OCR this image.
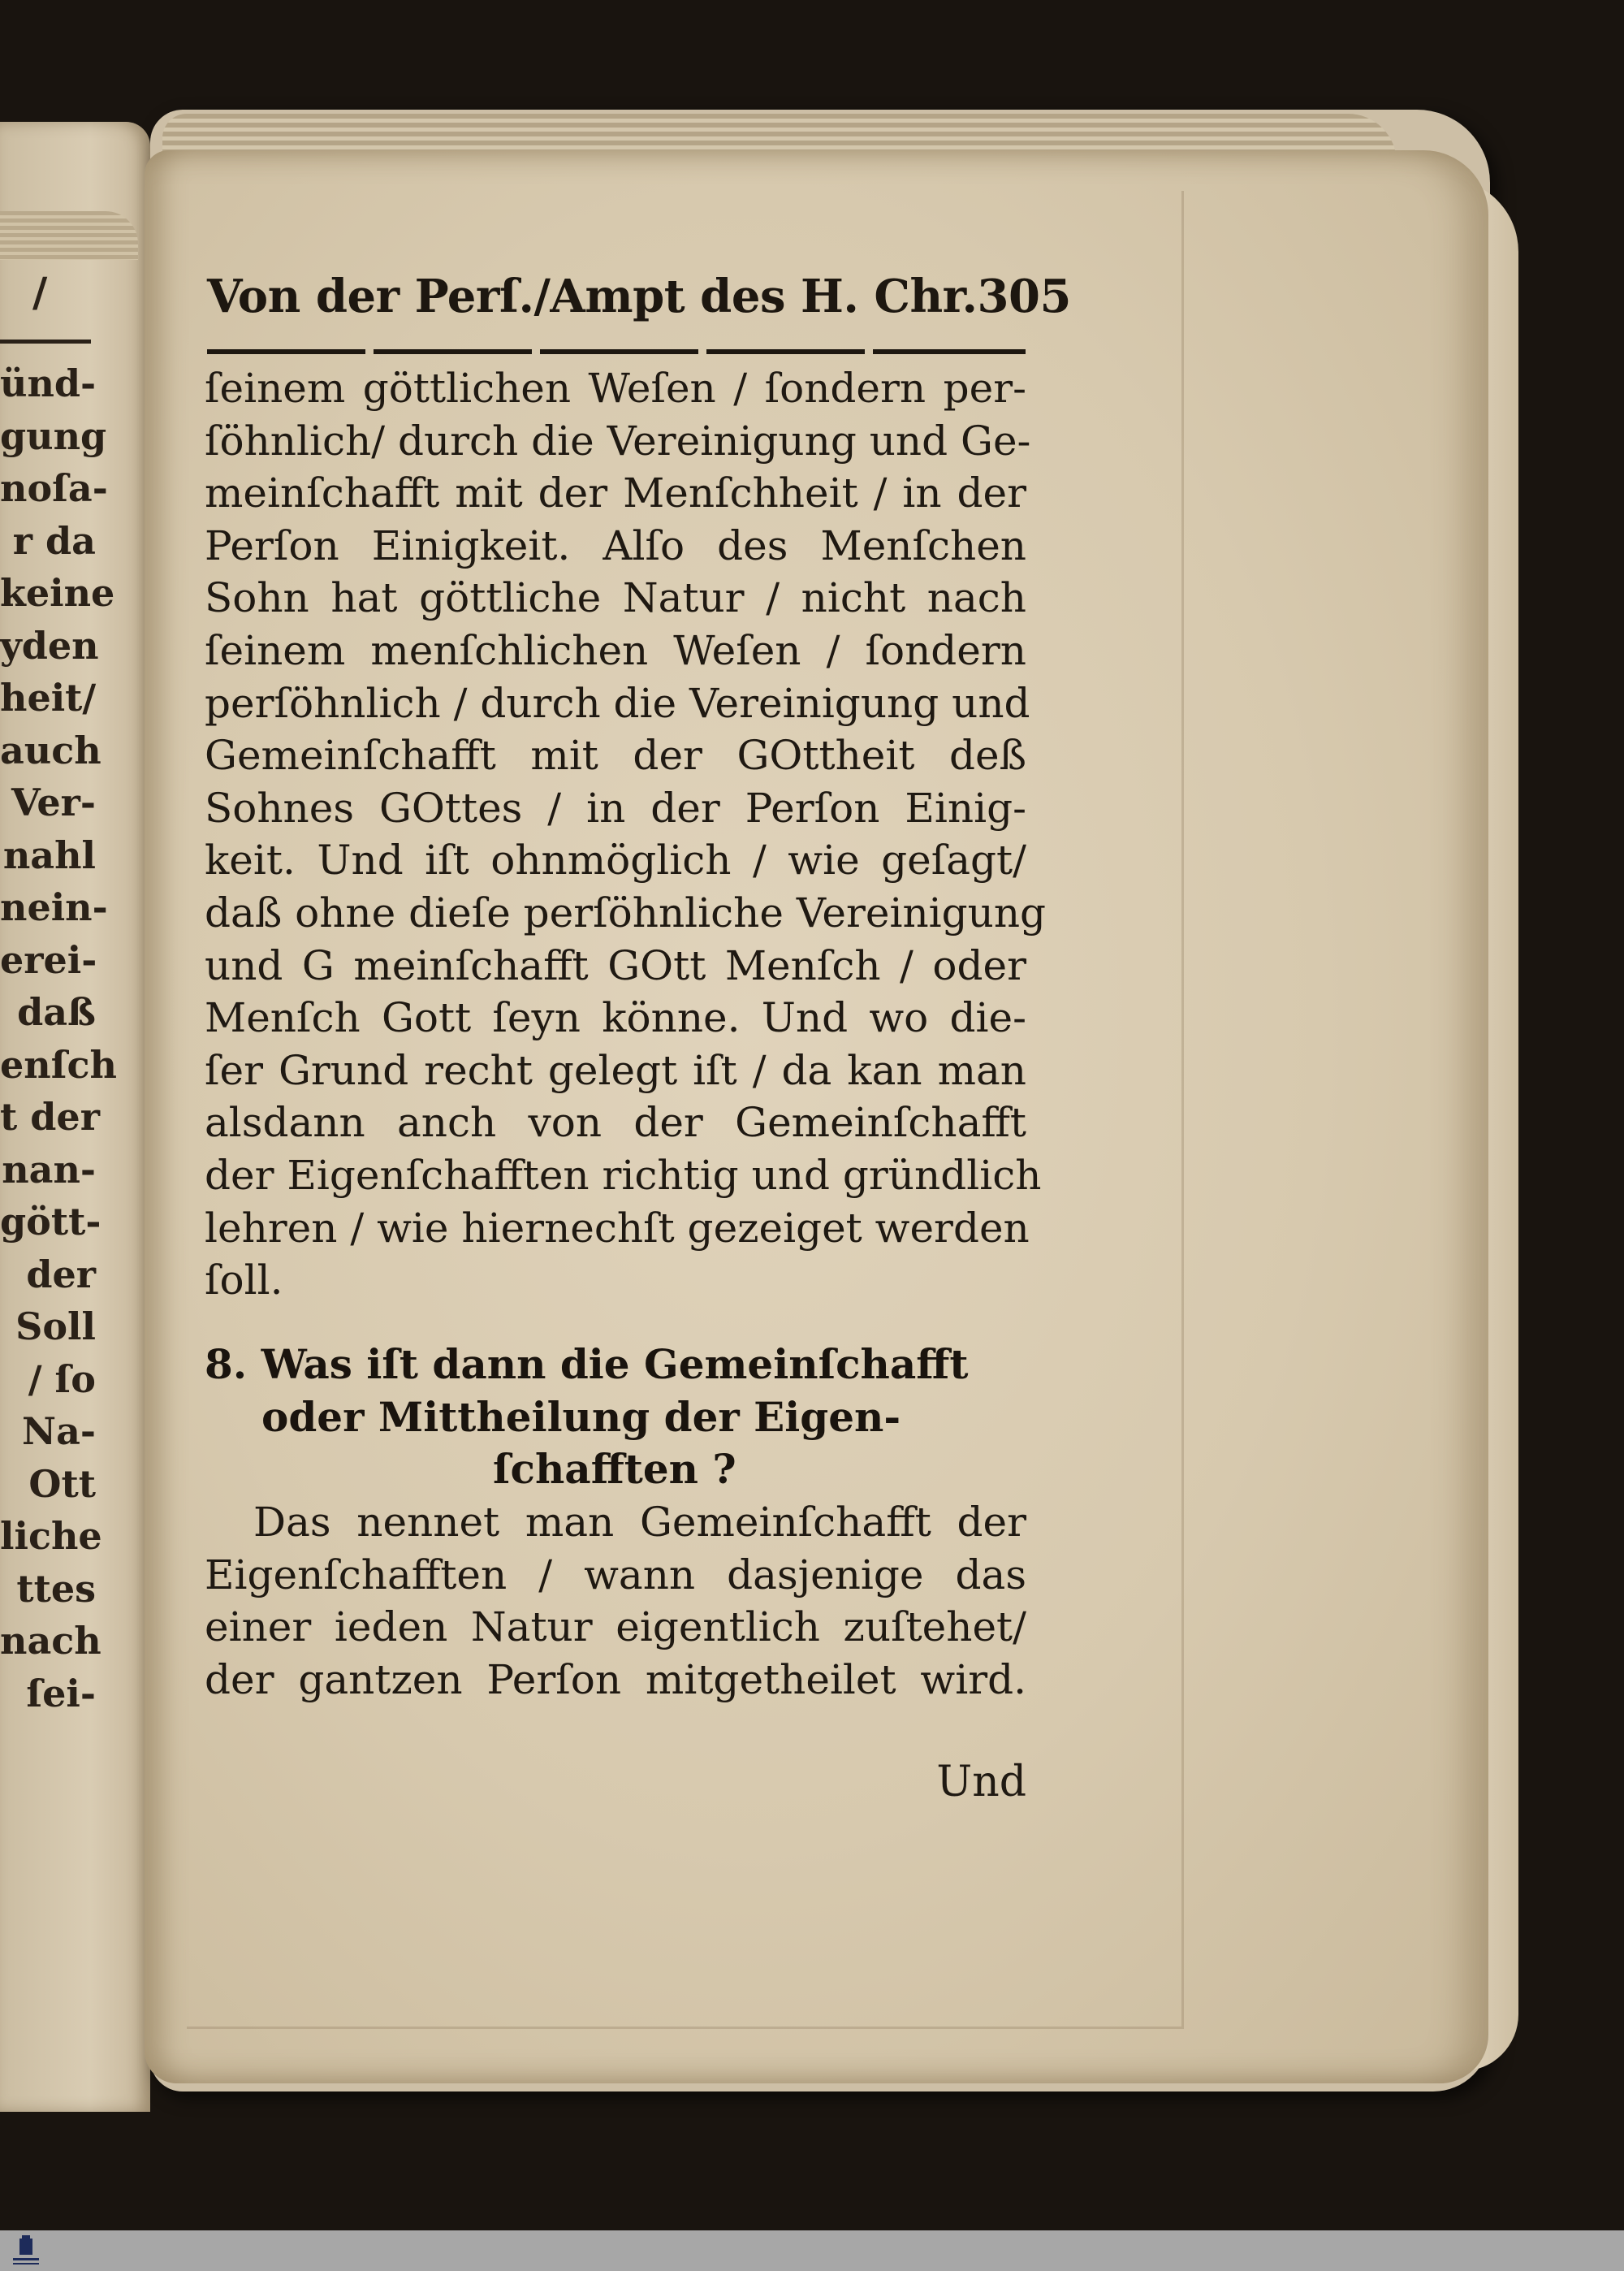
/
ünd-
gung
noſa-
r da
keine
yden
heit/
auch
Ver-
nahl
nein-
erei-
daß
enſch
t der
nan-
gött-
der
Soll
/ ſo
Na-
Ott
liche
ttes
nach
ſei-
Von der Perſ./Ampt des H. Chr.305
ſeinem göttlichen Weſen / ſondern per-
ſöhnlich/ durch die Vereinigung und Ge-
meinſchafft mit der Menſchheit / in der
Perſon Einigkeit. Alſo des Menſchen
Sohn hat göttliche Natur / nicht nach
ſeinem menſchlichen Weſen / ſondern
perſöhnlich / durch die Vereinigung und
Gemeinſchafft mit der GOttheit deß
Sohnes GOttes / in der Perſon Einig-
keit. Und iſt ohnmöglich / wie geſagt/
daß ohne dieſe perſöhnliche Vereinigung
und G meinſchafft GOtt Menſch / oder
Menſch Gott ſeyn könne. Und wo die-
ſer Grund recht gelegt iſt / da kan man
alsdann anch von der Gemeinſchafft
der Eigenſchafften richtig und gründlich
lehren / wie hiernechſt gezeiget werden
ſoll.
8. Was iſt dann die Gemeinſchafft
oder Mittheilung der Eigen-
ſchafften ?
Das nennet man Gemeinſchafft der
Eigenſchafften / wann dasjenige das
einer ieden Natur eigentlich zuſtehet/
der gantzen Perſon mitgetheilet wird.
Und
